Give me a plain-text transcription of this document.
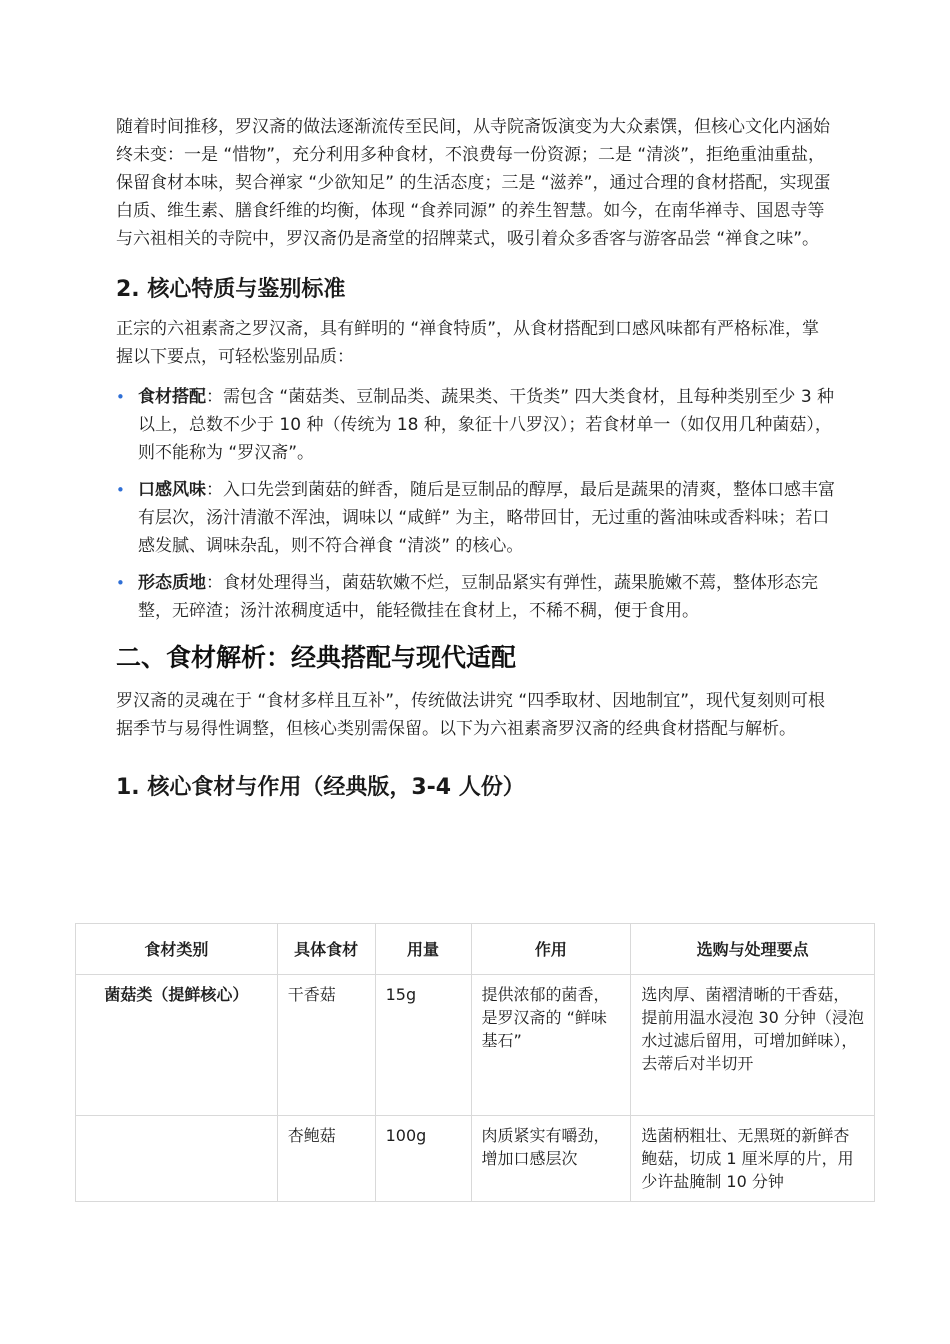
随着时间推移，罗汉斋的做法逐渐流传至民间，从寺院斋饭演变为大众素馔，但核心文化内涵始终未变：一是 “惜物”，充分利用多种食材，不浪费每一份资源；二是 “清淡”，拒绝重油重盐，保留食材本味，契合禅家 “少欲知足” 的生活态度；三是 “滋养”，通过合理的食材搭配，实现蛋白质、维生素、膳食纤维的均衡，体现 “食养同源” 的养生智慧。如今，在南华禅寺、国恩寺等与六祖相关的寺院中，罗汉斋仍是斋堂的招牌菜式，吸引着众多香客与游客品尝 “禅食之味”。

2. 核心特质与鉴别标准

正宗的六祖素斋之罗汉斋，具有鲜明的 “禅食特质”，从食材搭配到口感风味都有严格标准，掌握以下要点，可轻松鉴别品质：

• 食材搭配：需包含 “菌菇类、豆制品类、蔬果类、干货类” 四大类食材，且每种类别至少 3 种以上，总数不少于 10 种（传统为 18 种，象征十八罗汉）；若食材单一（如仅用几种菌菇），则不能称为 “罗汉斋”。
• 口感风味：入口先尝到菌菇的鲜香，随后是豆制品的醇厚，最后是蔬果的清爽，整体口感丰富有层次，汤汁清澈不浑浊，调味以 “咸鲜” 为主，略带回甘，无过重的酱油味或香料味；若口感发腻、调味杂乱，则不符合禅食 “清淡” 的核心。
• 形态质地：食材处理得当，菌菇软嫩不烂，豆制品紧实有弹性，蔬果脆嫩不蔫，整体形态完整，无碎渣；汤汁浓稠度适中，能轻微挂在食材上，不稀不稠，便于食用。
二、食材解析：经典搭配与现代适配

罗汉斋的灵魂在于 “食材多样且互补”，传统做法讲究 “四季取材、因地制宜”，现代复刻则可根据季节与易得性调整，但核心类别需保留。以下为六祖素斋罗汉斋的经典食材搭配与解析。

1. 核心食材与作用（经典版，3-4 人份）
食材类别	具体食材	用量	作用	选购与处理要点
菌菇类（提鲜核心）	干香菇	15g	提供浓郁的菌香，是罗汉斋的 “鲜味基石”	选肉厚、菌褶清晰的干香菇，提前用温水浸泡 30 分钟（浸泡水过滤后留用，可增加鲜味），去蒂后对半切开
	杏鲍菇	100g	肉质紧实有嚼劲，增加口感层次	选菌柄粗壮、无黑斑的新鲜杏鲍菇，切成 1 厘米厚的片，用少许盐腌制 10 分钟
